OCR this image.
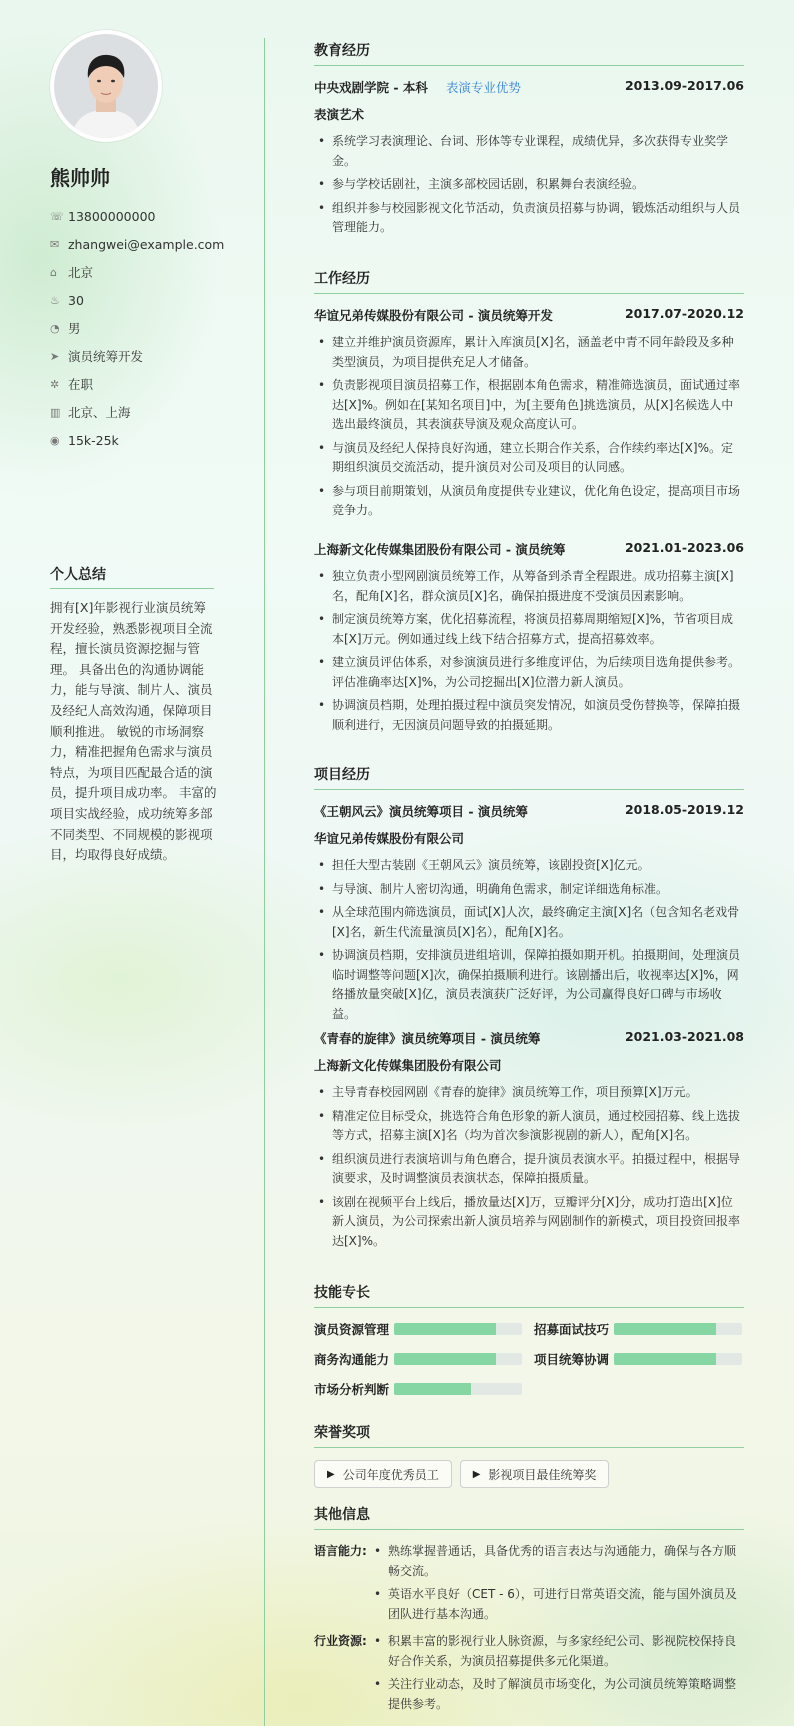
熊帅帅
☏ 13800000000
✉ zhangwei@example.com
⌂ 北京
♨ 30
◔ 男
➤ 演员统筹开发
✲ 在职
▥ 北京、上海
◉ 15k-25k
个人总结
拥有[X]年影视行业演员统筹开发经验，熟悉影视项目全流程，擅长演员资源挖掘与管理。 具备出色的沟通协调能力，能与导演、制片人、演员及经纪人高效沟通，保障项目顺利推进。 敏锐的市场洞察力，精准把握角色需求与演员特点，为项目匹配最合适的演员，提升项目成功率。 丰富的项目实战经验，成功统筹多部不同类型、不同规模的影视项目，均取得良好成绩。
教育经历
中央戏剧学院 - 本科 表演专业优势	2013.09-2017.06
表演艺术
• 系统学习表演理论、台词、形体等专业课程，成绩优异，多次获得专业奖学金。
• 参与学校话剧社，主演多部校园话剧，积累舞台表演经验。
• 组织并参与校园影视文化节活动，负责演员招募与协调，锻炼活动组织与人员管理能力。
工作经历
华谊兄弟传媒股份有限公司 - 演员统筹开发	2017.07-2020.12
• 建立并维护演员资源库，累计入库演员[X]名，涵盖老中青不同年龄段及多种类型演员，为项目提供充足人才储备。
• 负责影视项目演员招募工作，根据剧本角色需求，精准筛选演员，面试通过率达[X]%。例如在[某知名项目]中，为[主要角色]挑选演员，从[X]名候选人中选出最终演员，其表演获导演及观众高度认可。
• 与演员及经纪人保持良好沟通，建立长期合作关系，合作续约率达[X]%。定期组织演员交流活动，提升演员对公司及项目的认同感。
• 参与项目前期策划，从演员角度提供专业建议，优化角色设定，提高项目市场竞争力。
上海新文化传媒集团股份有限公司 - 演员统筹	2021.01-2023.06
• 独立负责小型网剧演员统筹工作，从筹备到杀青全程跟进。成功招募主演[X]名，配角[X]名，群众演员[X]名，确保拍摄进度不受演员因素影响。
• 制定演员统筹方案，优化招募流程，将演员招募周期缩短[X]%，节省项目成本[X]万元。例如通过线上线下结合招募方式，提高招募效率。
• 建立演员评估体系，对参演演员进行多维度评估，为后续项目选角提供参考。评估准确率达[X]%，为公司挖掘出[X]位潜力新人演员。
• 协调演员档期，处理拍摄过程中演员突发情况，如演员受伤替换等，保障拍摄顺利进行，无因演员问题导致的拍摄延期。
项目经历
《王朝风云》演员统筹项目 - 演员统筹	2018.05-2019.12
华谊兄弟传媒股份有限公司
• 担任大型古装剧《王朝风云》演员统筹，该剧投资[X]亿元。
• 与导演、制片人密切沟通，明确角色需求，制定详细选角标准。
• 从全球范围内筛选演员，面试[X]人次，最终确定主演[X]名（包含知名老戏骨[X]名，新生代流量演员[X]名），配角[X]名。
• 协调演员档期，安排演员进组培训，保障拍摄如期开机。拍摄期间，处理演员临时调整等问题[X]次，确保拍摄顺利进行。该剧播出后，收视率达[X]%，网络播放量突破[X]亿，演员表演获广泛好评，为公司赢得良好口碑与市场收益。
《青春的旋律》演员统筹项目 - 演员统筹	2021.03-2021.08
上海新文化传媒集团股份有限公司
• 主导青春校园网剧《青春的旋律》演员统筹工作，项目预算[X]万元。
• 精准定位目标受众，挑选符合角色形象的新人演员，通过校园招募、线上选拔等方式，招募主演[X]名（均为首次参演影视剧的新人），配角[X]名。
• 组织演员进行表演培训与角色磨合，提升演员表演水平。拍摄过程中，根据导演要求，及时调整演员表演状态，保障拍摄质量。
• 该剧在视频平台上线后，播放量达[X]万，豆瓣评分[X]分，成功打造出[X]位新人演员，为公司探索出新人演员培养与网剧制作的新模式，项目投资回报率达[X]%。
技能专长
演员资源管理	招募面试技巧
商务沟通能力	项目统筹协调
市场分析判断
荣誉奖项
▶ 公司年度优秀员工	▶ 影视项目最佳统筹奖
其他信息
语言能力:	• 熟练掌握普通话，具备优秀的语言表达与沟通能力，确保与各方顺畅交流。
• 英语水平良好（CET - 6），可进行日常英语交流，能与国外演员及团队进行基本沟通。
行业资源:	• 积累丰富的影视行业人脉资源，与多家经纪公司、影视院校保持良好合作关系，为演员招募提供多元化渠道。
• 关注行业动态，及时了解演员市场变化，为公司演员统筹策略调整提供参考。
